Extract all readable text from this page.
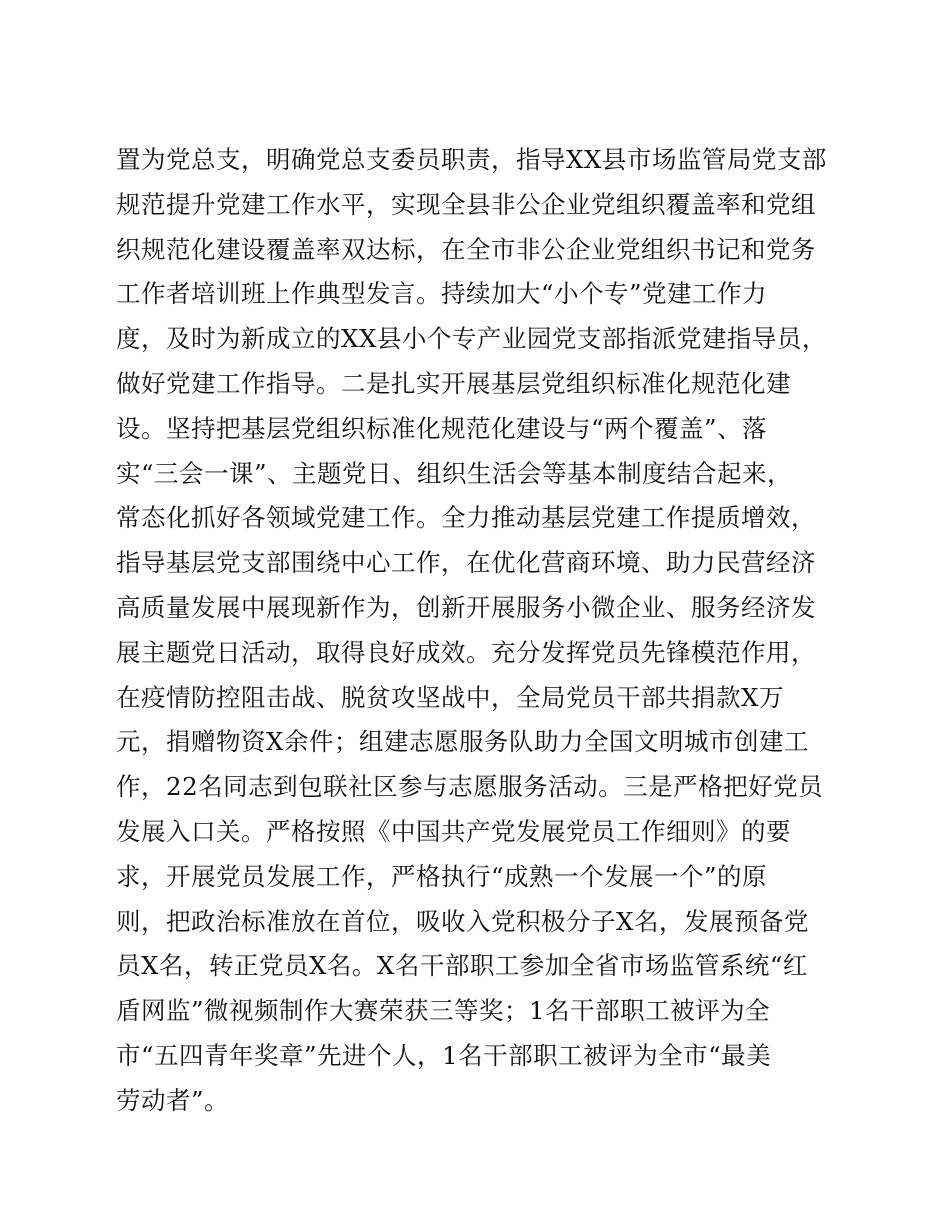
置为党总支，明确党总支委员职责，指导XX县市场监管局党支部
规范提升党建工作水平，实现全县非公企业党组织覆盖率和党组
织规范化建设覆盖率双达标，在全市非公企业党组织书记和党务
工作者培训班上作典型发言。持续加大“小个专”党建工作力
度，及时为新成立的XX县小个专产业园党支部指派党建指导员，
做好党建工作指导。二是扎实开展基层党组织标准化规范化建
设。坚持把基层党组织标准化规范化建设与“两个覆盖”、落
实“三会一课”、主题党日、组织生活会等基本制度结合起来，
常态化抓好各领域党建工作。全力推动基层党建工作提质增效，
指导基层党支部围绕中心工作，在优化营商环境、助力民营经济
高质量发展中展现新作为，创新开展服务小微企业、服务经济发
展主题党日活动，取得良好成效。充分发挥党员先锋模范作用，
在疫情防控阻击战、脱贫攻坚战中，全局党员干部共捐款X万
元，捐赠物资X余件；组建志愿服务队助力全国文明城市创建工
作，22名同志到包联社区参与志愿服务活动。三是严格把好党员
发展入口关。严格按照《中国共产党发展党员工作细则》的要
求，开展党员发展工作，严格执行“成熟一个发展一个”的原
则，把政治标准放在首位，吸收入党积极分子X名，发展预备党
员X名，转正党员X名。X名干部职工参加全省市场监管系统“红
盾网监”微视频制作大赛荣获三等奖；1名干部职工被评为全
市“五四青年奖章”先进个人，1名干部职工被评为全市“最美
劳动者”。
